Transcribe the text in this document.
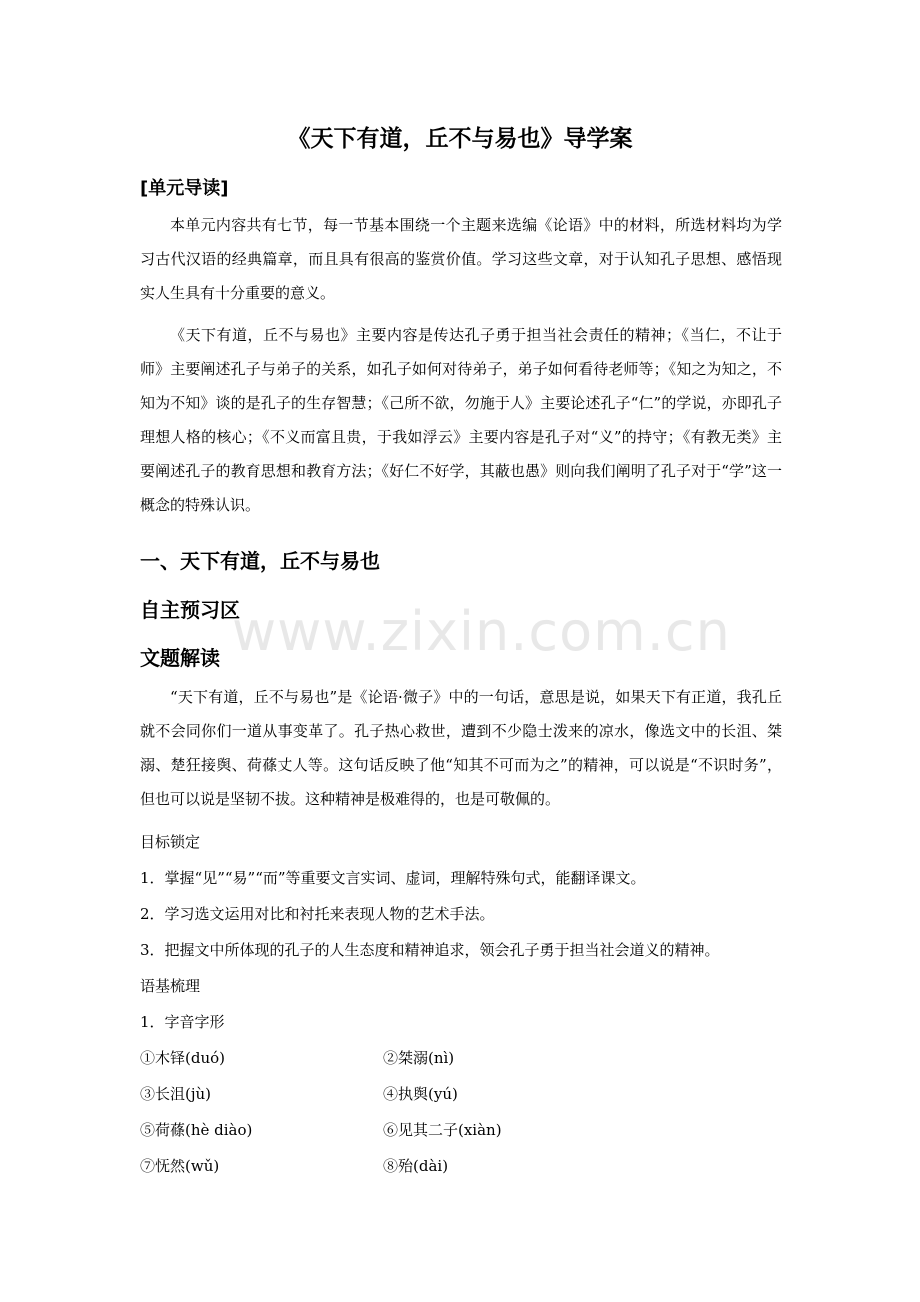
www.zixin.com.cn
《天下有道，丘不与易也》导学案
[单元导读]

本单元内容共有七节，每一节基本围绕一个主题来选编《论语》中的材料，所选材料均为学习古代汉语的经典篇章，而且具有很高的鉴赏价值。学习这些文章，对于认知孔子思想、感悟现实人生具有十分重要的意义。

《天下有道，丘不与易也》主要内容是传达孔子勇于担当社会责任的精神；《当仁，不让于师》主要阐述孔子与弟子的关系，如孔子如何对待弟子，弟子如何看待老师等；《知之为知之，不知为不知》谈的是孔子的生存智慧；《己所不欲，勿施于人》主要论述孔子“仁”的学说，亦即孔子理想人格的核心；《不义而富且贵，于我如浮云》主要内容是孔子对“义”的持守；《有教无类》主要阐述孔子的教育思想和教育方法；《好仁不好学，其蔽也愚》则向我们阐明了孔子对于“学”这一概念的特殊认识。

一、天下有道，丘不与易也
自主预习区
文题解读

“天下有道，丘不与易也”是《论语·微子》中的一句话，意思是说，如果天下有正道，我孔丘就不会同你们一道从事变革了。孔子热心救世，遭到不少隐士泼来的凉水，像选文中的长沮、桀溺、楚狂接舆、荷蓧丈人等。这句话反映了他“知其不可而为之”的精神，可以说是“不识时务”，但也可以说是坚韧不拔。这种精神是极难得的，也是可敬佩的。

目标锁定
1．掌握“见”“易”“而”等重要文言实词、虚词，理解特殊句式，能翻译课文。
2．学习选文运用对比和衬托来表现人物的艺术手法。
3．把握文中所体现的孔子的人生态度和精神追求，领会孔子勇于担当社会道义的精神。
语基梳理
1．字音字形
①木铎(duó)	②桀溺(nì)
③长沮(jù)	④执舆(yú)
⑤荷蓧(hè diào)	⑥见其二子(xiàn)
⑦怃然(wǔ)	⑧殆(dài)
